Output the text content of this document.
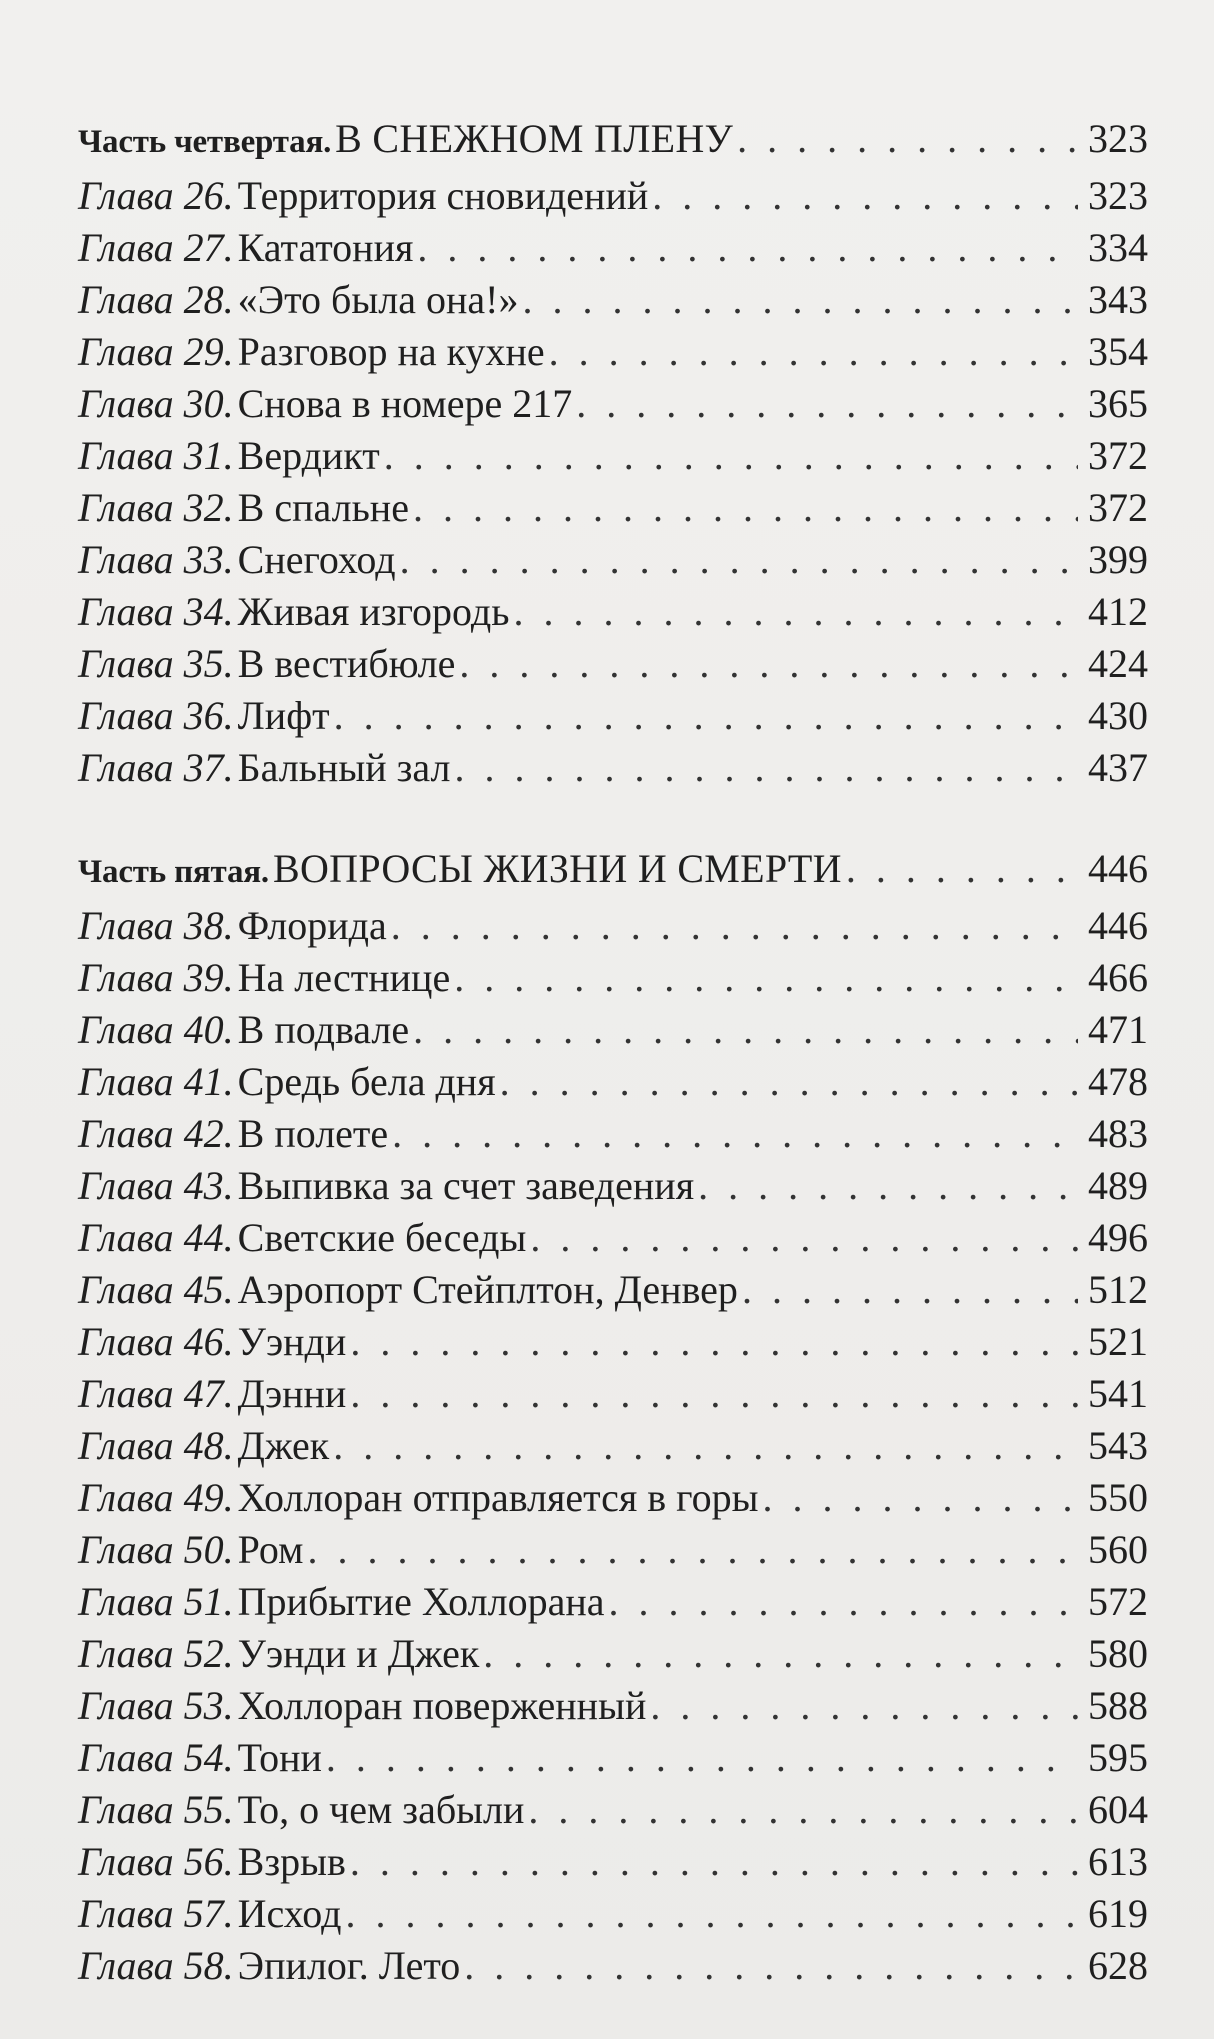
Часть четвертая. В СНЕЖНОМ ПЛЕНУ . . .	323
Глава 26. Территория сновидений . . .	323
Глава 27. Кататония . . .	334
Глава 28. «Это была она!» . . .	343
Глава 29. Разговор на кухне . . .	354
Глава 30. Снова в номере 217 . . .	365
Глава 31. Вердикт . . .	372
Глава 32. В спальне . . .	372
Глава 33. Снегоход . . .	399
Глава 34. Живая изгородь . . .	412
Глава 35. В вестибюле . . .	424
Глава 36. Лифт . . .	430
Глава 37. Бальный зал . . .	437
Часть пятая. ВОПРОСЫ ЖИЗНИ И СМЕРТИ . . .	446
Глава 38. Флорида . . .	446
Глава 39. На лестнице . . .	466
Глава 40. В подвале . . .	471
Глава 41. Средь бела дня . . .	478
Глава 42. В полете . . .	483
Глава 43. Выпивка за счет заведения . . .	489
Глава 44. Светские беседы . . .	496
Глава 45. Аэропорт Стейплтон, Денвер . . .	512
Глава 46. Уэнди . . .	521
Глава 47. Дэнни . . .	541
Глава 48. Джек . . .	543
Глава 49. Холлоран отправляется в горы . . .	550
Глава 50. Ром . . .	560
Глава 51. Прибытие Холлорана . . .	572
Глава 52. Уэнди и Джек . . .	580
Глава 53. Холлоран поверженный . . .	588
Глава 54. Тони . . .	595
Глава 55. То, о чем забыли . . .	604
Глава 56. Взрыв . . .	613
Глава 57. Исход . . .	619
Глава 58. Эпилог. Лето . . .	628
